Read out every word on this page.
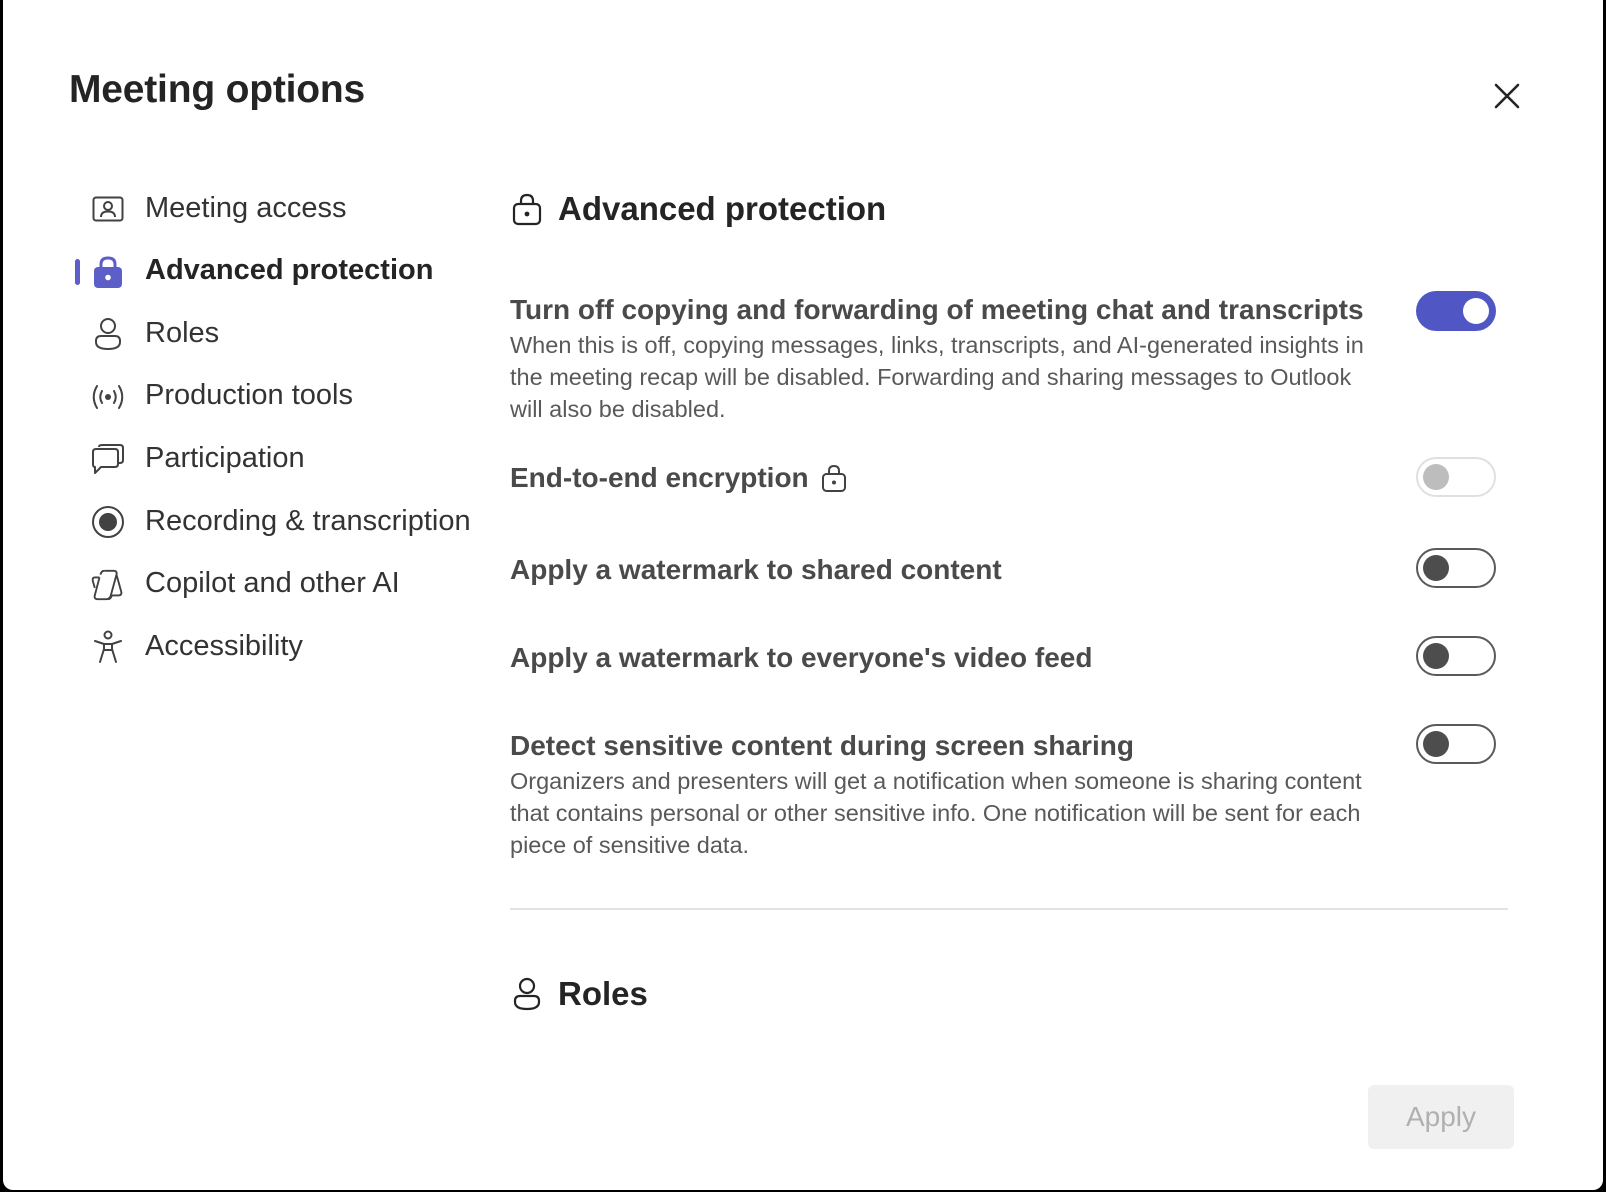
Meeting options
Meeting access
Advanced protection
Roles
Production tools
Participation
Recording & transcription
Copilot and other AI
Accessibility
Advanced protection
Turn off copying and forwarding of meeting chat and transcripts
When this is off, copying messages, links, transcripts, and AI-generated insights in the meeting recap will be disabled. Forwarding and sharing messages to Outlook will also be disabled.
End-to-end encryption
Apply a watermark to shared content
Apply a watermark to everyone's video feed
Detect sensitive content during screen sharing
Organizers and presenters will get a notification when someone is sharing content that contains personal or other sensitive info. One notification will be sent for each piece of sensitive data.
Roles
Apply
